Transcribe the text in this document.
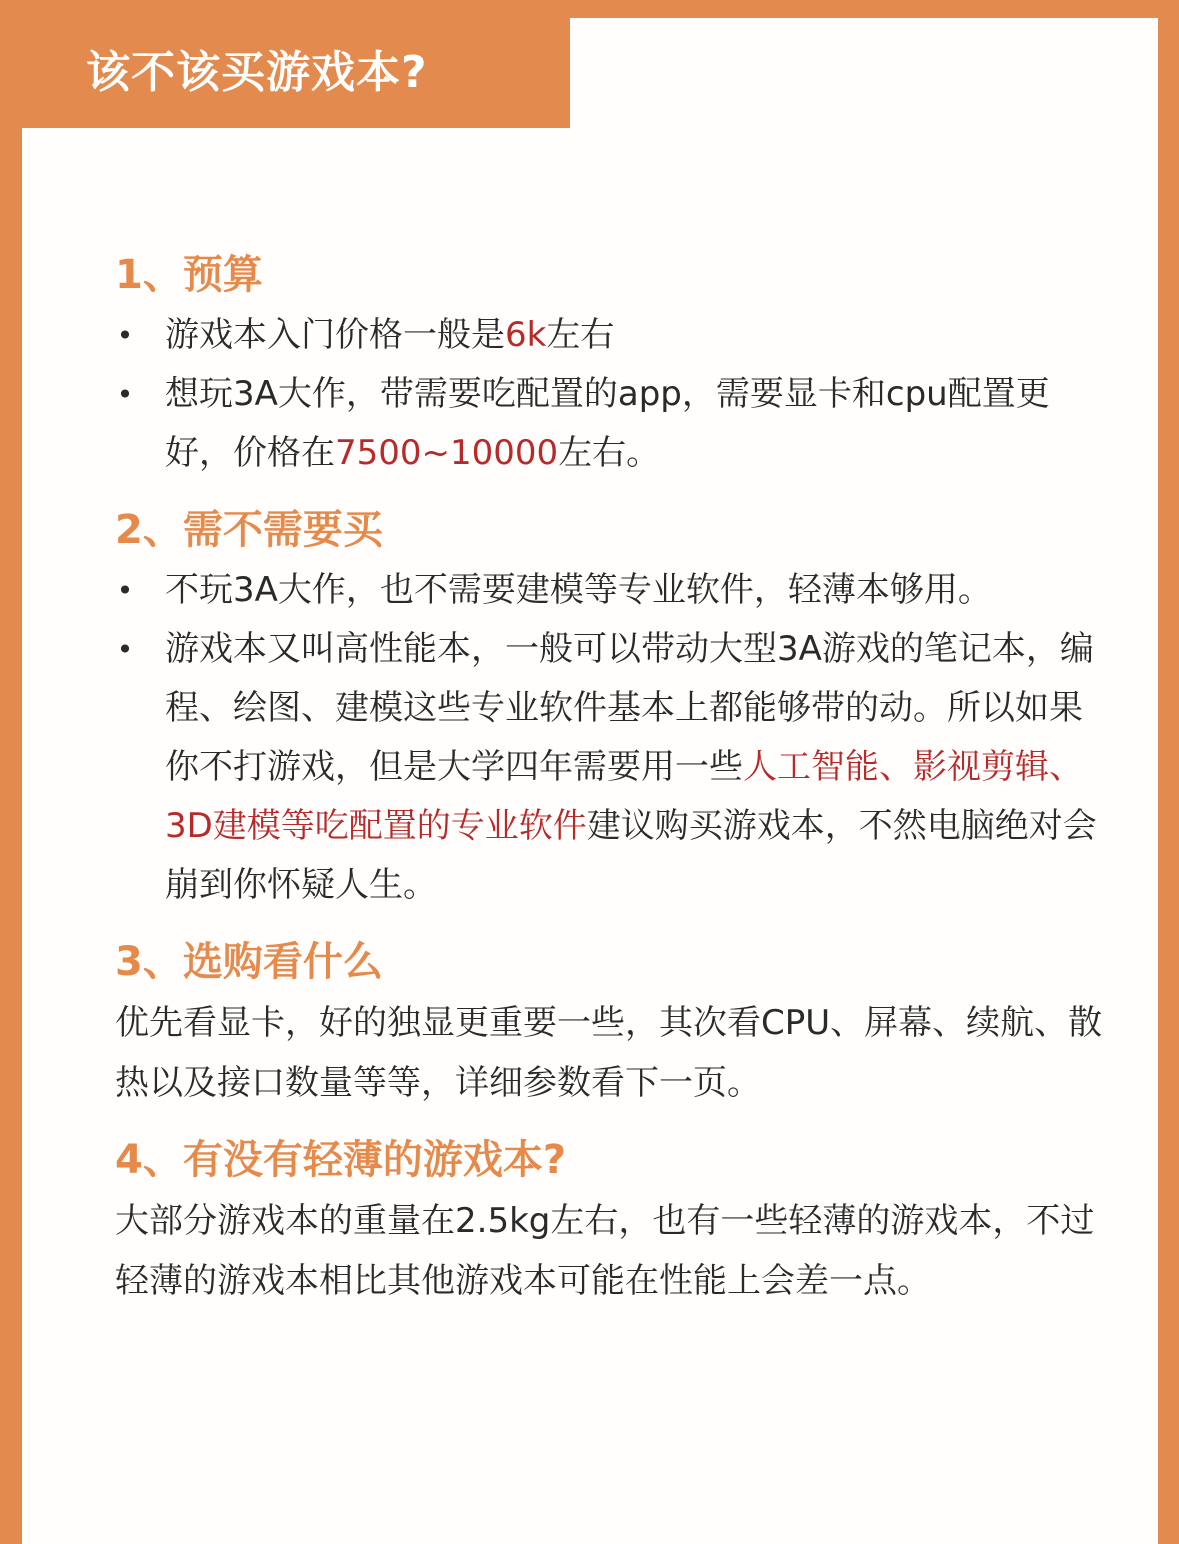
该不该买游戏本?
1、预算
• 游戏本入门价格一般是6k左右
• 想玩3A大作，带需要吃配置的app，需要显卡和cpu配置更好，价格在7500~10000左右。
2、需不需要买
• 不玩3A大作，也不需要建模等专业软件，轻薄本够用。
• 游戏本又叫高性能本，一般可以带动大型3A游戏的笔记本，编程、绘图、建模这些专业软件基本上都能够带的动。所以如果你不打游戏，但是大学四年需要用一些人工智能、影视剪辑、3D建模等吃配置的专业软件建议购买游戏本，不然电脑绝对会崩到你怀疑人生。
3、选购看什么
优先看显卡，好的独显更重要一些，其次看CPU、屏幕、续航、散热以及接口数量等等，详细参数看下一页。
4、有没有轻薄的游戏本?
大部分游戏本的重量在2.5kg左右，也有一些轻薄的游戏本，不过轻薄的游戏本相比其他游戏本可能在性能上会差一点。
